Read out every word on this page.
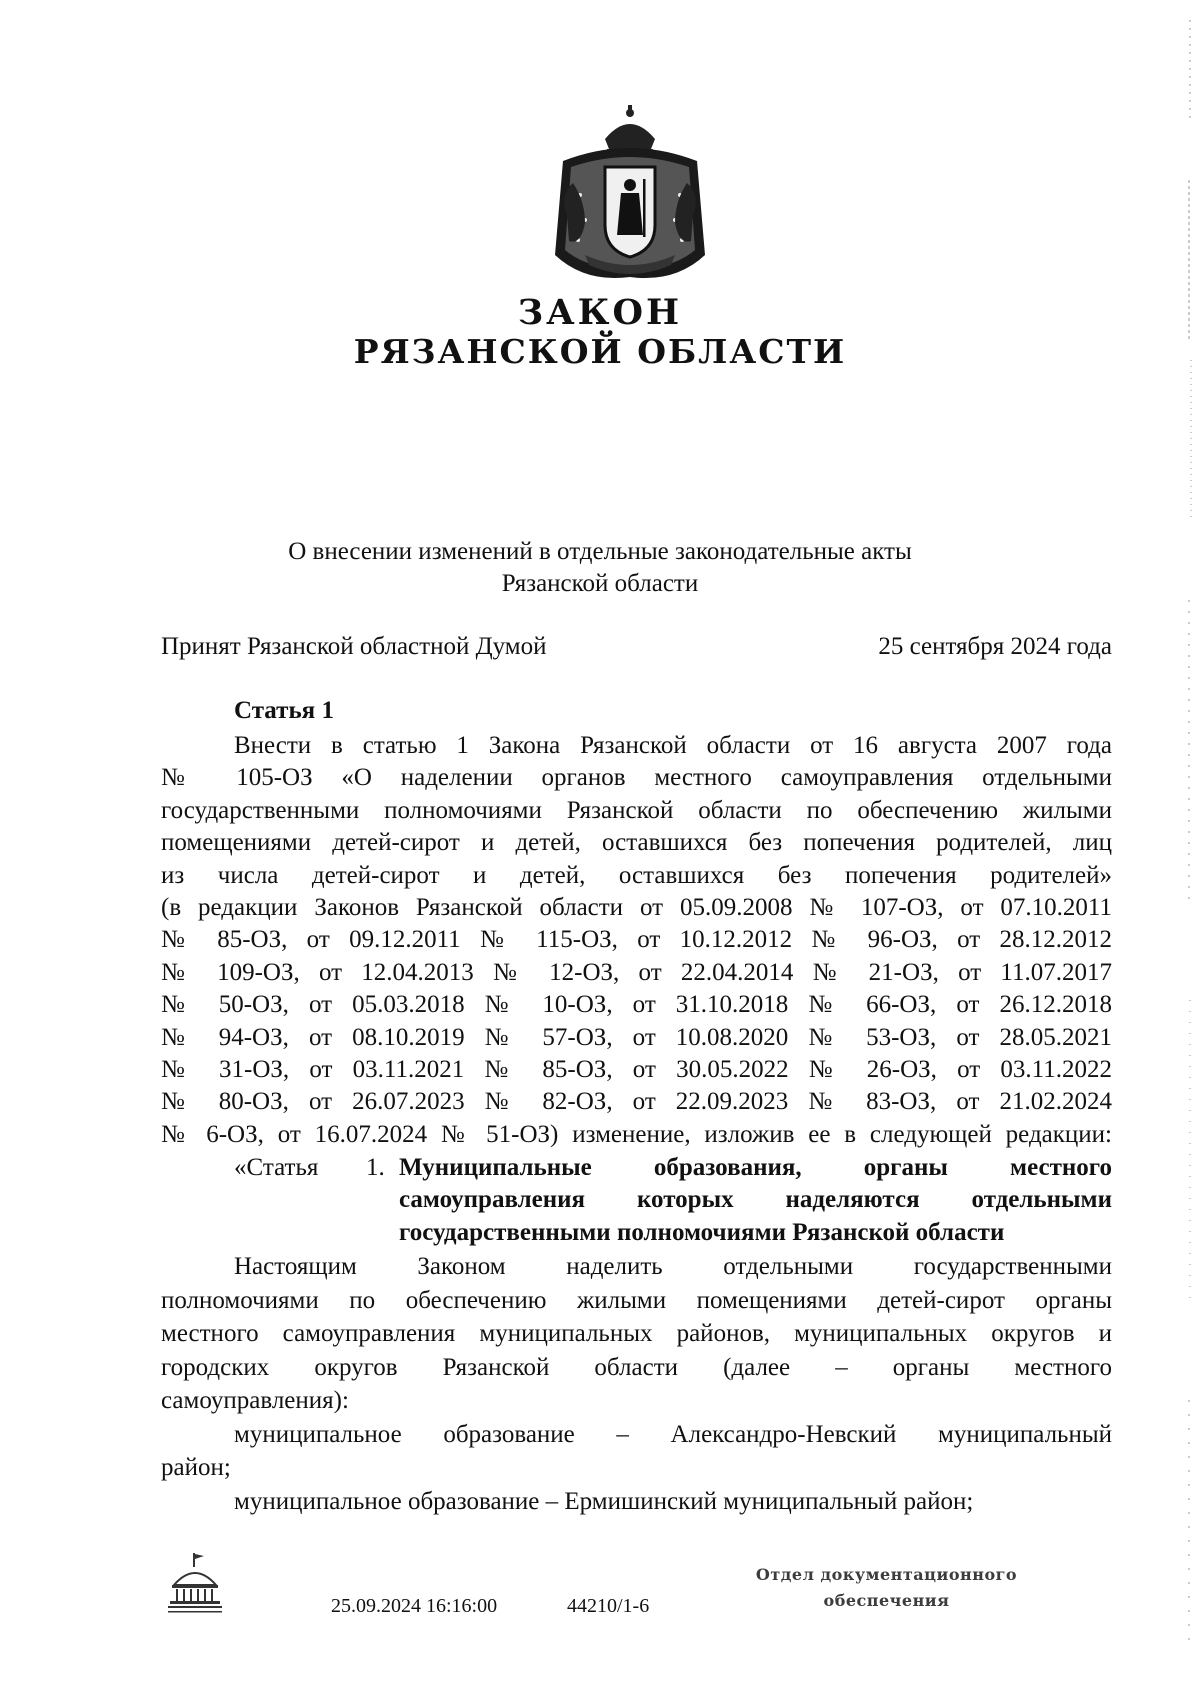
ЗАКОН
РЯЗАНСКОЙ ОБЛАСТИ
О внесении изменений в отдельные законодательные акты
Рязанской области
Принят Рязанской областной Думой	25 сентября 2024 года
Статья 1
Внести в статью 1 Закона Рязанской области от 16 августа 2007 года
№ 105-ОЗ «О наделении органов местного самоуправления отдельными
государственными полномочиями Рязанской области по обеспечению жилыми
помещениями детей-сирот и детей, оставшихся без попечения родителей, лиц
из числа детей-сирот и детей, оставшихся без попечения родителей»
(в редакции Законов Рязанской области от 05.09.2008 № 107-ОЗ, от 07.10.2011
№ 85-ОЗ, от 09.12.2011 № 115-ОЗ, от 10.12.2012 № 96-ОЗ, от 28.12.2012
№ 109-ОЗ, от 12.04.2013 № 12-ОЗ, от 22.04.2014 № 21-ОЗ, от 11.07.2017
№ 50-ОЗ, от 05.03.2018 № 10-ОЗ, от 31.10.2018 № 66-ОЗ, от 26.12.2018
№ 94-ОЗ, от 08.10.2019 № 57-ОЗ, от 10.08.2020 № 53-ОЗ, от 28.05.2021
№ 31-ОЗ, от 03.11.2021 № 85-ОЗ, от 30.05.2022 № 26-ОЗ, от 03.11.2022
№ 80-ОЗ, от 26.07.2023 № 82-ОЗ, от 22.09.2023 № 83-ОЗ, от 21.02.2024
№ 6-ОЗ, от 16.07.2024 № 51-ОЗ) изменение, изложив ее в следующей редакции:
«Статья 1. Муниципальные образования, органы местного
самоуправления которых наделяются отдельными
государственными полномочиями Рязанской области
Настоящим Законом наделить отдельными государственными
полномочиями по обеспечению жилыми помещениями детей-сирот органы
местного самоуправления муниципальных районов, муниципальных округов и
городских округов Рязанской области (далее – органы местного
самоуправления):
муниципальное образование – Александро-Невский муниципальный
район;
муниципальное образование – Ермишинский муниципальный район;
25.09.2024 16:16:00	44210/1-6
Отдел документационного
обеспечения
